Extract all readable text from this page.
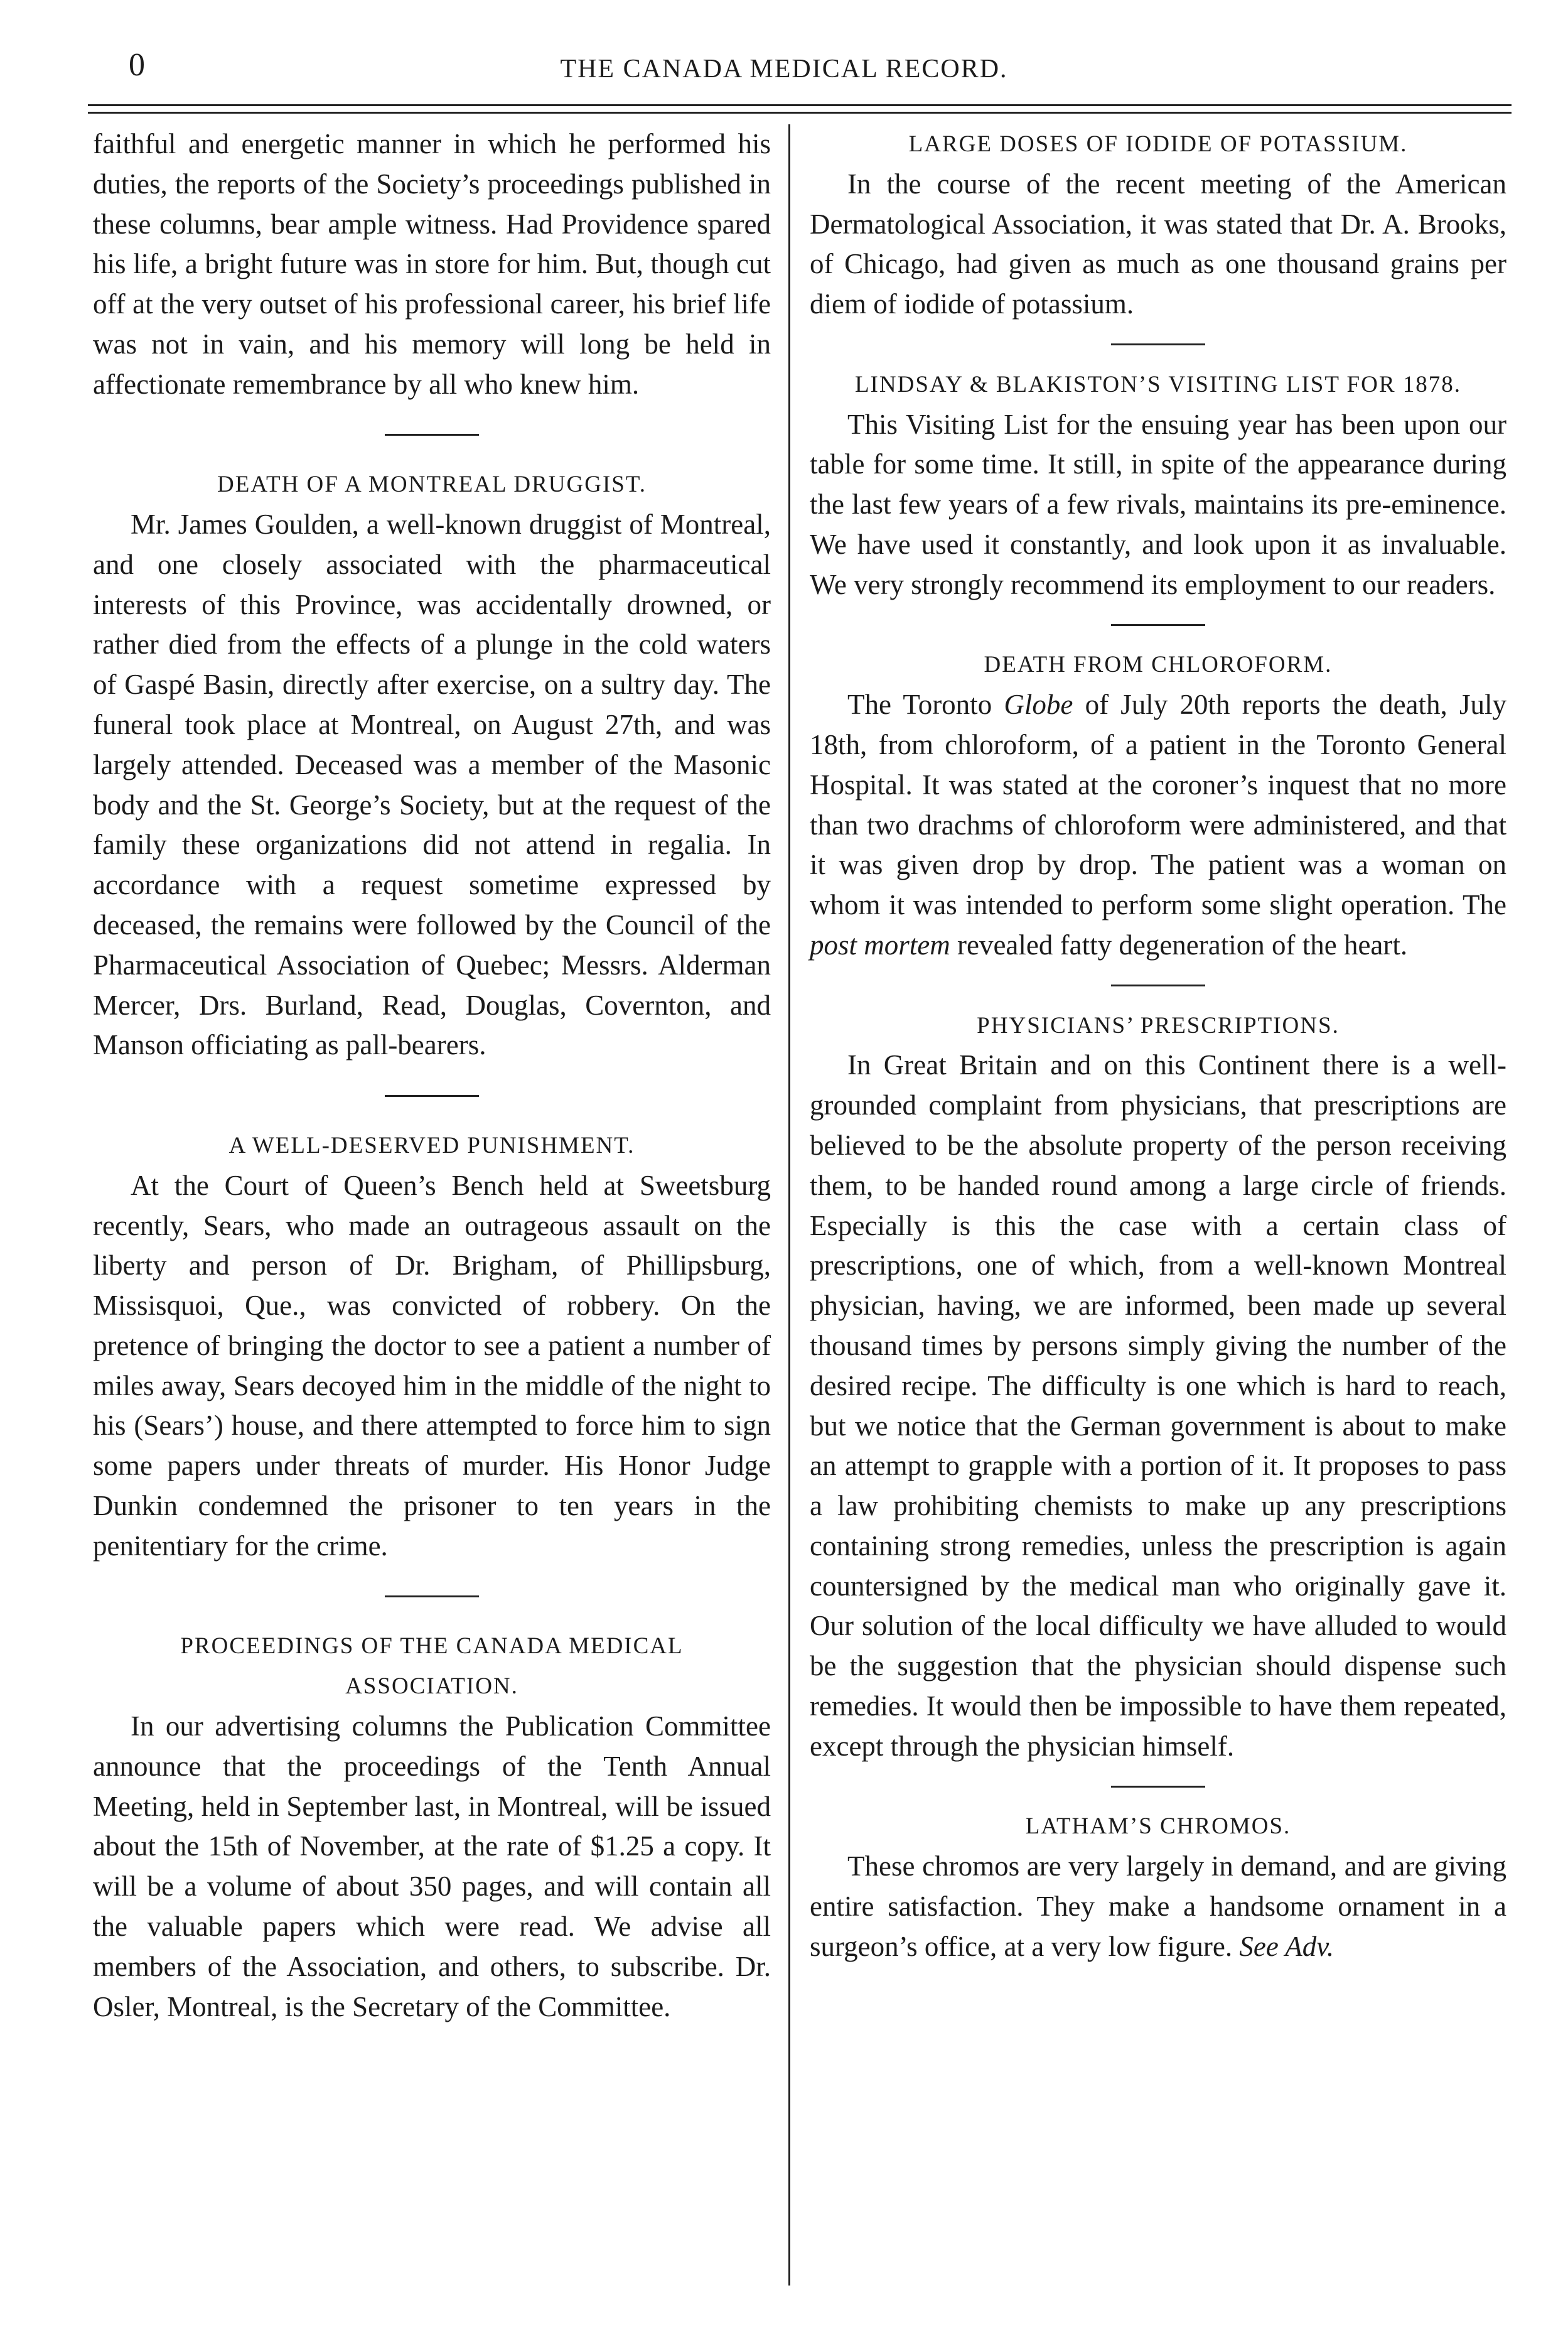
0	THE CANADA MEDICAL RECORD.

faithful and energetic manner in which he performed his duties, the reports of the Society’s proceedings published in these columns, bear ample witness. Had Providence spared his life, a bright future was in store for him. But, though cut off at the very outset of his professional career, his brief life was not in vain, and his memory will long be held in affectionate remembrance by all who knew him.

DEATH OF A MONTREAL DRUGGIST.

Mr. James Goulden, a well-known druggist of Montreal, and one closely associated with the pharmaceutical interests of this Province, was accidentally drowned, or rather died from the effects of a plunge in the cold waters of Gaspé Basin, directly after exercise, on a sultry day. The funeral took place at Montreal, on August 27th, and was largely attended. Deceased was a member of the Masonic body and the St. George’s Society, but at the request of the family these organizations did not attend in regalia. In accordance with a request sometime expressed by deceased, the remains were followed by the Council of the Pharmaceutical Association of Quebec; Messrs. Alderman Mercer, Drs. Burland, Read, Douglas, Covernton, and Manson officiating as pall-bearers.

A WELL-DESERVED PUNISHMENT.

At the Court of Queen’s Bench held at Sweetsburg recently, Sears, who made an outrageous assault on the liberty and person of Dr. Brigham, of Phillipsburg, Missisquoi, Que., was convicted of robbery. On the pretence of bringing the doctor to see a patient a number of miles away, Sears decoyed him in the middle of the night to his (Sears’) house, and there attempted to force him to sign some papers under threats of murder. His Honor Judge Dunkin condemned the prisoner to ten years in the penitentiary for the crime.

PROCEEDINGS OF THE CANADA MEDICAL
ASSOCIATION.

In our advertising columns the Publication Committee announce that the proceedings of the Tenth Annual Meeting, held in September last, in Montreal, will be issued about the 15th of November, at the rate of $1.25 a copy. It will be a volume of about 350 pages, and will contain all the valuable papers which were read. We advise all members of the Association, and others, to subscribe. Dr. Osler, Montreal, is the Secretary of the Committee.

LARGE DOSES OF IODIDE OF POTASSIUM.

In the course of the recent meeting of the American Dermatological Association, it was stated that Dr. A. Brooks, of Chicago, had given as much as one thousand grains per diem of iodide of potassium.

LINDSAY & BLAKISTON’S VISITING LIST FOR 1878.

This Visiting List for the ensuing year has been upon our table for some time. It still, in spite of the appearance during the last few years of a few rivals, maintains its pre-eminence. We have used it constantly, and look upon it as invaluable. We very strongly recommend its employment to our readers.

DEATH FROM CHLOROFORM.

The Toronto Globe of July 20th reports the death, July 18th, from chloroform, of a patient in the Toronto General Hospital. It was stated at the coroner’s inquest that no more than two drachms of chloroform were administered, and that it was given drop by drop. The patient was a woman on whom it was intended to perform some slight operation. The post mortem revealed fatty degeneration of the heart.

PHYSICIANS’ PRESCRIPTIONS.

In Great Britain and on this Continent there is a well-grounded complaint from physicians, that prescriptions are believed to be the absolute property of the person receiving them, to be handed round among a large circle of friends. Especially is this the case with a certain class of prescriptions, one of which, from a well-known Montreal physician, having, we are informed, been made up several thousand times by persons simply giving the number of the desired recipe. The difficulty is one which is hard to reach, but we notice that the German government is about to make an attempt to grapple with a portion of it. It proposes to pass a law prohibiting chemists to make up any prescriptions containing strong remedies, unless the prescription is again countersigned by the medical man who originally gave it. Our solution of the local difficulty we have alluded to would be the suggestion that the physician should dispense such remedies. It would then be impossible to have them repeated, except through the physician himself.

LATHAM’S CHROMOS.

These chromos are very largely in demand, and are giving entire satisfaction. They make a handsome ornament in a surgeon’s office, at a very low figure. See Adv.
